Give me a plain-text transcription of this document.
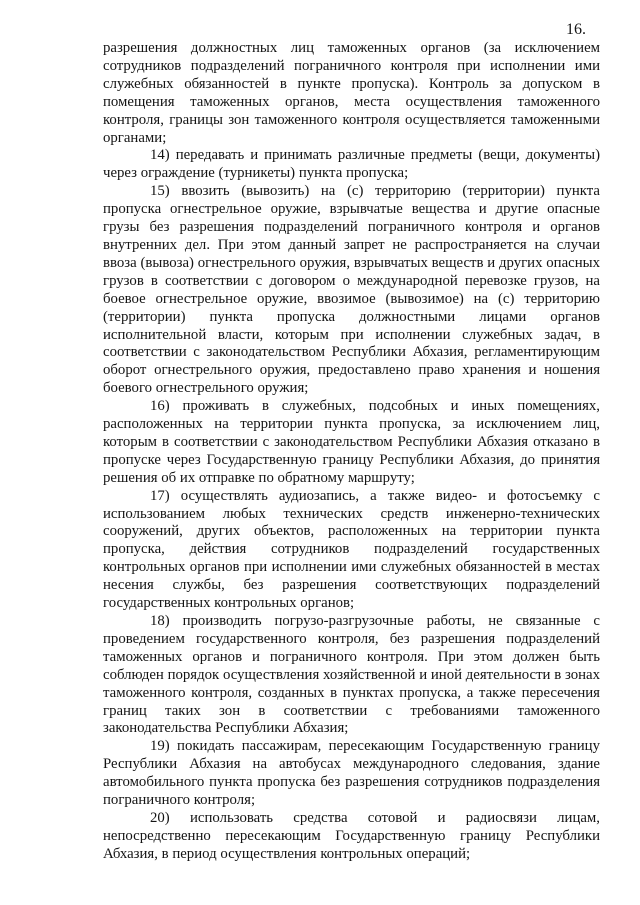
16.

разрешения должностных лиц таможенных органов (за исключением сотрудников подразделений пограничного контроля при исполнении ими служебных обязанностей в пункте пропуска). Контроль за допуском в помещения таможенных органов, места осуществления таможенного контроля, границы зон таможенного контроля осуществляется таможенными органами;

14) передавать и принимать различные предметы (вещи, документы) через ограждение (турникеты) пункта пропуска;

15) ввозить (вывозить) на (с) территорию (территории) пункта пропуска огнестрельное оружие, взрывчатые вещества и другие опасные грузы без разрешения подразделений пограничного контроля и органов внутренних дел. При этом данный запрет не распространяется на случаи ввоза (вывоза) огнестрельного оружия, взрывчатых веществ и других опасных грузов в соответствии с договором о международной перевозке грузов, на боевое огнестрельное оружие, ввозимое (вывозимое) на (с) территорию (территории) пункта пропуска должностными лицами органов исполнительной власти, которым при исполнении служебных задач, в соответствии с законодательством Республики Абхазия, регламентирующим оборот огнестрельного оружия, предоставлено право хранения и ношения боевого огнестрельного оружия;

16) проживать в служебных, подсобных и иных помещениях, расположенных на территории пункта пропуска, за исключением лиц, которым в соответствии с законодательством Республики Абхазия отказано в пропуске через Государственную границу Республики Абхазия, до принятия решения об их отправке по обратному маршруту;

17) осуществлять аудиозапись, а также видео- и фотосъемку с использованием любых технических средств инженерно-технических сооружений, других объектов, расположенных на территории пункта пропуска, действия сотрудников подразделений государственных контрольных органов при исполнении ими служебных обязанностей в местах несения службы, без разрешения соответствующих подразделений государственных контрольных органов;

18) производить погрузо-разгрузочные работы, не связанные с проведением государственного контроля, без разрешения подразделений таможенных органов и пограничного контроля. При этом должен быть соблюден порядок осуществления хозяйственной и иной деятельности в зонах таможенного контроля, созданных в пунктах пропуска, а также пересечения границ таких зон в соответствии с требованиями таможенного законодательства Республики Абхазия;

19) покидать пассажирам, пересекающим Государственную границу Республики Абхазия на автобусах международного следования, здание автомобильного пункта пропуска без разрешения сотрудников подразделения пограничного контроля;

20) использовать средства сотовой и радиосвязи лицам, непосредственно пересекающим Государственную границу Республики Абхазия, в период осуществления контрольных операций;
